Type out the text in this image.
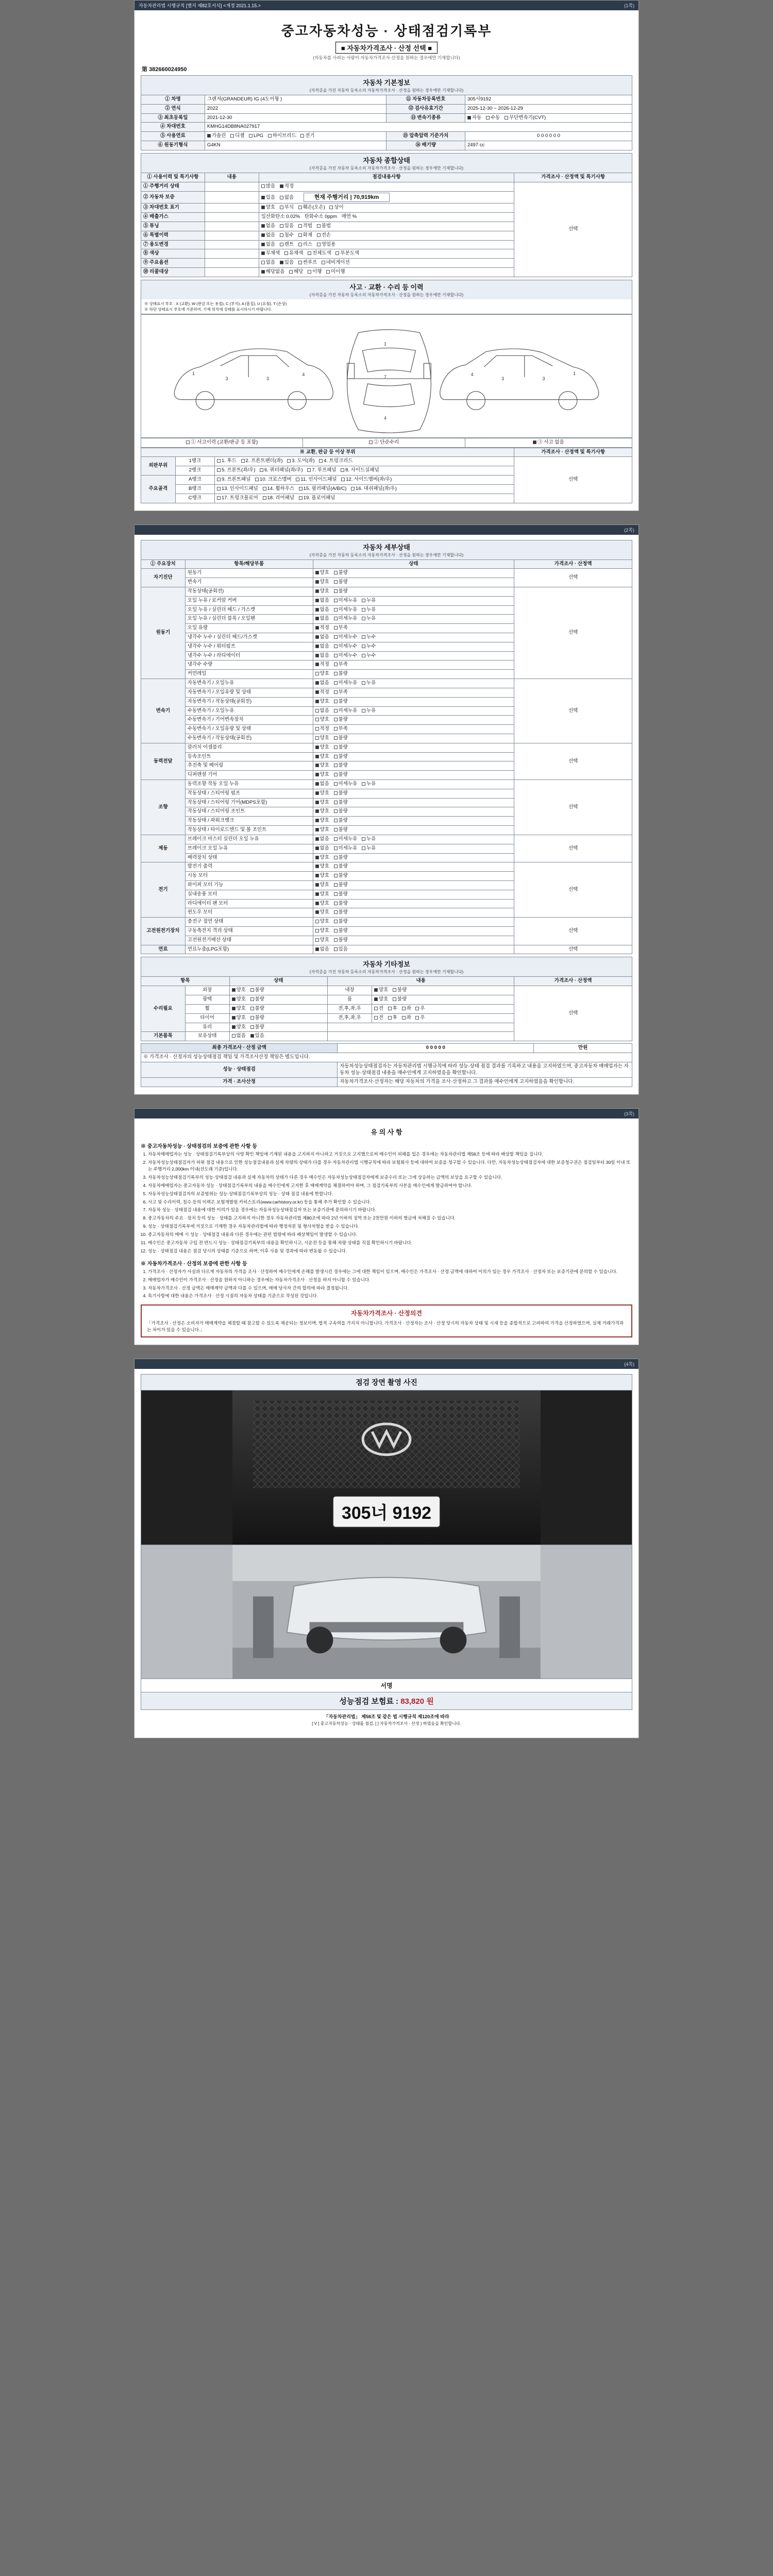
자동차관리법 시행규칙 [별지 제82호서식] <개정 2021.1.15.>	(1쪽)
중고자동차성능 · 상태점검기록부
■ 자동차가격조사 · 산정 선택 ■
(자동차를 사려는 사람이 자동차가격조사·산정을 원하는 경우에만 기재합니다)
第 382660024950
자동차 기본정보
(자격증을 가진 자동차 등록소의 자동차가격조사 · 산정을 원하는 경우에만 기재합니다)
① 차명	그랜저(GRANDEUR) IG (4도어형 )	⑪ 자동차등록번호	305서9192
② 연식	2022	⑫ 검사유효기간	2025-12-30 ~ 2026-12-29
③ 최초등록일	2021-12-30	⑬ 변속기종류	자동 수동 무단변속기(CVT)
④ 차대번호	KMHG14DB8NA027917		
⑤ 사용연료	가솔린 디젤 LPG 하이브리드 전기	⑮ 압축압력 기준가치	0 0 0 0 0 0
⑥ 원동기형식	G4KN	⑭ 배기량	2497 cc
자동차 종합상태
(자격증을 가진 자동차 등록소의 자동차가격조사 · 산정을 원하는 경우에만 기재합니다)
① 사용이력 및 특기사항	내용	점검내용사항	가격조사 · 산정액 및 특기사항
① 주행거리 상태		많음 적정	선택
② 자동차 보증		있음 없음 현재 주행거리 | 70,919km	
③ 차대번호 표기		양호 부식 훼손(오손) 상이	
④ 배출가스		일산화탄소 0.02% 탄화수소 0ppm 매연 %	
⑤ 튜닝		없음 있음 적법 불법	
⑥ 특별이력		없음 침수 화재 전손	
⑦ 용도변경		없음 렌트 리스 영업용	
⑧ 색상		무채색 유채색 전체도색 부분도색	
⑨ 주요옵션		없음 있음 썬루프 네비게이션	
⑩ 리콜대상		해당없음 해당 이행 미이행	
사고 · 교환 · 수리 등 이력
(자격증을 가진 자동차 등록소의 자동차가격조사 · 산정을 원하는 경우에만 기재합니다)
※ 상태표시 부호 : X (교환), W (판금 또는 용접), C (부식), A (흠집), U (요철), T (손상)
※ 하단 상태표시 부호에 기준하여, 기재 위치에 상태를 표시하시기 바랍니다.
1
3	3
4
1
7
4
1
3
3
4
① 사고이력 (교환/판금 등 포함)	② 단순수리	③ 사고 없음
※ 교환, 판금 등 이상 부위			가격조사 · 산정액 및 특기사항
외판부위	1랭크	1. 후드 2. 프론트펜더(좌) 3. 도어(좌) 4. 트렁크리드	선택
	2랭크	5. 프론트(좌/우) 6. 쿼터패널(좌/우) 7. 루프패널 8. 사이드실패널	
주요골격	A랭크	9. 프론트패널 10. 크로스멤버 11. 인사이드패널 12. 사이드멤버(좌/우)	
	B랭크	13. 인사이드패널 14. 휠하우스 15. 필러패널(A/B/C) 16. 대쉬패널(좌/우)	
	C랭크	17. 트렁크플로어 18. 리어패널 19. 플로어패널	
(2쪽)
자동차 세부상태
(자격증을 가진 자동차 등록소의 자동차가격조사 · 산정을 원하는 경우에만 기재합니다)
① 주요장치	항목/해당부품	상태	가격조사 · 산정액
자기진단	원동기	양호 불량	선택
	변속기	양호 불량	
원동기	작동상태(공회전)	양호 불량	선택
	오일 누유 / 로커암 커버	없음 미세누유 누유	
	오일 누유 / 실린더 헤드 / 가스켓	없음 미세누유 누유	
	오일 누유 / 실린더 블록 / 오일팬	없음 미세누유 누유	
	오일 유량	적정 부족	
	냉각수 누수 / 실린더 헤드/가스켓	없음 미세누수 누수	
	냉각수 누수 / 워터펌프	없음 미세누수 누수	
	냉각수 누수 / 라디에이터	없음 미세누수 누수	
	냉각수 수량	적정 부족	
	커먼레일	양호 불량	
변속기	자동변속기 / 오일누유	없음 미세누유 누유	선택
	자동변속기 / 오일유량 및 상태	적정 부족	
	자동변속기 / 작동상태(공회전)	양호 불량	
	수동변속기 / 오일누유	없음 미세누유 누유	
	수동변속기 / 기어변속장치	양호 불량	
	수동변속기 / 오일유량 및 상태	적정 부족	
	수동변속기 / 작동상태(공회전)	양호 불량	
동력전달	클러치 어셈블리	양호 불량	선택
	등속조인트	양호 불량	
	추진축 및 베어링	양호 불량	
	디퍼렌셜 기어	양호 불량	
조향	동력조향 작동 오일 누유	없음 미세누유 누유	선택
	작동상태 / 스티어링 펌프	양호 불량	
	작동상태 / 스티어링 기어(MDPS포함)	양호 불량	
	작동상태 / 스티어링 조인트	양호 불량	
	작동상태 / 파워크랭크	양호 불량	
	작동상태 / 타이로드엔드 및 볼 조인트	양호 불량	
제동	브레이크 마스터 실린더 오일 누유	없음 미세누유 누유	선택
	브레이크 오일 누유	없음 미세누유 누유	
	배력장치 상태	양호 불량	
전기	발전기 출력	양호 불량	선택
	시동 모터	양호 불량	
	와이퍼 모터 기능	양호 불량	
	실내송풍 모터	양호 불량	
	라디에이터 팬 모터	양호 불량	
	윈도우 모터	양호 불량	
고전원전기장치	충전구 절연 상태	양호 불량	선택
	구동축전지 격리 상태	양호 불량	
	고전원전기배선 상태	양호 불량	
연료	연료누출(LPG포함)	없음 있음	선택
자동차 기타정보
(자격증을 가진 자동차 등록소의 자동차가격조사 · 산정을 원하는 경우에만 기재합니다)
항목		상태	내용		가격조사 · 산정액
수리필요	외장	양호 불량	내장	양호 불량	선택
	광택	양호 불량	룸	양호 불량	
	휠	양호 불량	전,후,좌,우	전 후 좌 우	
	타이어	양호 불량	전,후,좌,우	전 후 좌 우	
	유리	양호 불량			
기본품목	보유상태	없음 있음			
최종 가격조사 · 산정 금액	0 0 0 0 0	만원
※ 가격조사 · 산정자의 성능상태점검 책임 및 가격조사산정 책임은 별도입니다.		
성능 · 상태점검	자동차성능상태점검자는 자동차관리법 시행규칙에 따라 성능·상태 점검 결과를 기록하고 내용을 고지하였으며, 중고자동차 매매업자는 자동차 성능·상태점검 내용을 매수인에게 고지하였음을 확인합니다.	
가격 · 조사산정	자동차가격조사·산정자는 해당 자동차의 가격을 조사·산정하고 그 결과를 매수인에게 고지하였음을 확인합니다.	
(3쪽)
유 의 사 항
※ 중고자동차성능 · 상태점검의 보증에 관한 사항 등
1. 자동차매매업자는 성능 · 상태점검기록부상의 사양 확인 책임에 기재된 내용을 고지하지 아니하고 거짓으로 고지했으로써 매수인이 피해를 입은 경우에는 자동차관리법 제58조 등에 따라 배상할 책임을 집니다.
2. 자동차성능상태점검자가 허위 점검 내용으로 인한 성능점검내용과 실제 차량의 상태가 다를 경우 자동차관리법 시행규칙에 따라 보험회사 등에 대하여 보증을 청구할 수 있습니다. 다만, 자동차성능상태점검자에 대한 보증청구권은 점검일부터 30일 이내 또는 주행거리 2,000km 이내(선도래 기준)입니다.
3. 자동차성능상태점검기록부의 성능·상태점검 내용과 실제 자동차의 상태가 다른 경우 매수인은 자동차성능상태점검자에게 보증수리 또는 그에 상응하는 금액의 보상을 요구할 수 있습니다.
4. 자동차매매업자는 중고자동차 성능 · 상태점검기록부의 내용을 매수인에게 고지한 후 매매계약을 체결하여야 하며, 그 점검기록부의 사본을 매수인에게 발급하여야 합니다.
5. 자동차성능상태점검자의 보증범위는 성능·상태점검기록부상의 성능 · 상태 점검 내용에 한합니다.
6. 사고 및 수리이력, 침수 등의 이력은 보험개발원 카히스토리(www.carhistory.or.kr) 등을 통해 추가 확인할 수 있습니다.
7. 자동차 성능 · 상태점검 내용에 대한 이의가 있을 경우에는 자동차성능상태점검자 또는 보증기관에 문의하시기 바랍니다.
8. 중고자동차의 주요 · 장치 등의 성능 · 상태를 고지하지 아니한 경우 자동차관리법 제80조에 따라 2년 이하의 징역 또는 2천만원 이하의 벌금에 처해질 수 있습니다.
9. 성능 · 상태점검기록부에 거짓으로 기재한 경우 자동차관리법에 따라 행정처분 및 형사처벌을 받을 수 있습니다.
10. 중고자동차의 매매 시 성능 · 상태점검 내용과 다른 경우에는 관련 법령에 따라 배상책임이 발생할 수 있습니다.
11. 매수인은 중고자동차 구입 전 반드시 성능 · 상태점검기록부의 내용을 확인하시고, 시운전 등을 통해 차량 상태를 직접 확인하시기 바랍니다.
12. 성능 · 상태점검 내용은 점검 당시의 상태를 기준으로 하며, 이후 사용 및 경과에 따라 변동될 수 있습니다.
※ 자동차가격조사 · 산정의 보증에 관한 사항 등
1. 가격조사 · 산정자가 사실과 다르게 자동차의 가격을 조사 · 산정하여 매수인에게 손해를 발생시킨 경우에는 그에 대한 책임이 있으며, 매수인은 가격조사 · 산정 금액에 대하여 이의가 있는 경우 가격조사 · 산정자 또는 보증기관에 문의할 수 있습니다.
2. 매매업자가 매수인이 가격조사 · 산정을 원하지 아니하는 경우에는 자동차가격조사 · 산정을 하지 아니할 수 있습니다.
3. 자동차가격조사 · 산정 금액은 매매계약 금액과 다를 수 있으며, 매매 당사자 간의 합의에 따라 결정됩니다.
4. 특기사항에 대한 내용은 가격조사 · 산정 시점의 자동차 상태를 기준으로 작성된 것입니다.
자동차가격조사 · 산정의견
「가격조사 · 산정은 소비자가 매매계약을 체결할 때 참고할 수 있도록 제공되는 정보이며, 법적 구속력을 가지지 아니합니다. 가격조사 · 산정자는 조사 · 산정 당시의 자동차 상태 및 시세 등을 종합적으로 고려하여 가격을 산정하였으며, 실제 거래가격과는 차이가 있을 수 있습니다.」
(4쪽)
점검 장면 촬영 사진
305너 9192
서명
성능점검 보험료 : 83,820 원
「자동차관리법」 제58조 및 같은 법 시행규칙 제120조에 따라
[ V ] 중고자동차성능 · 상태를 점검, [ ] 자동차가격조사 · 산정 ) 하였음을 확인합니다.
